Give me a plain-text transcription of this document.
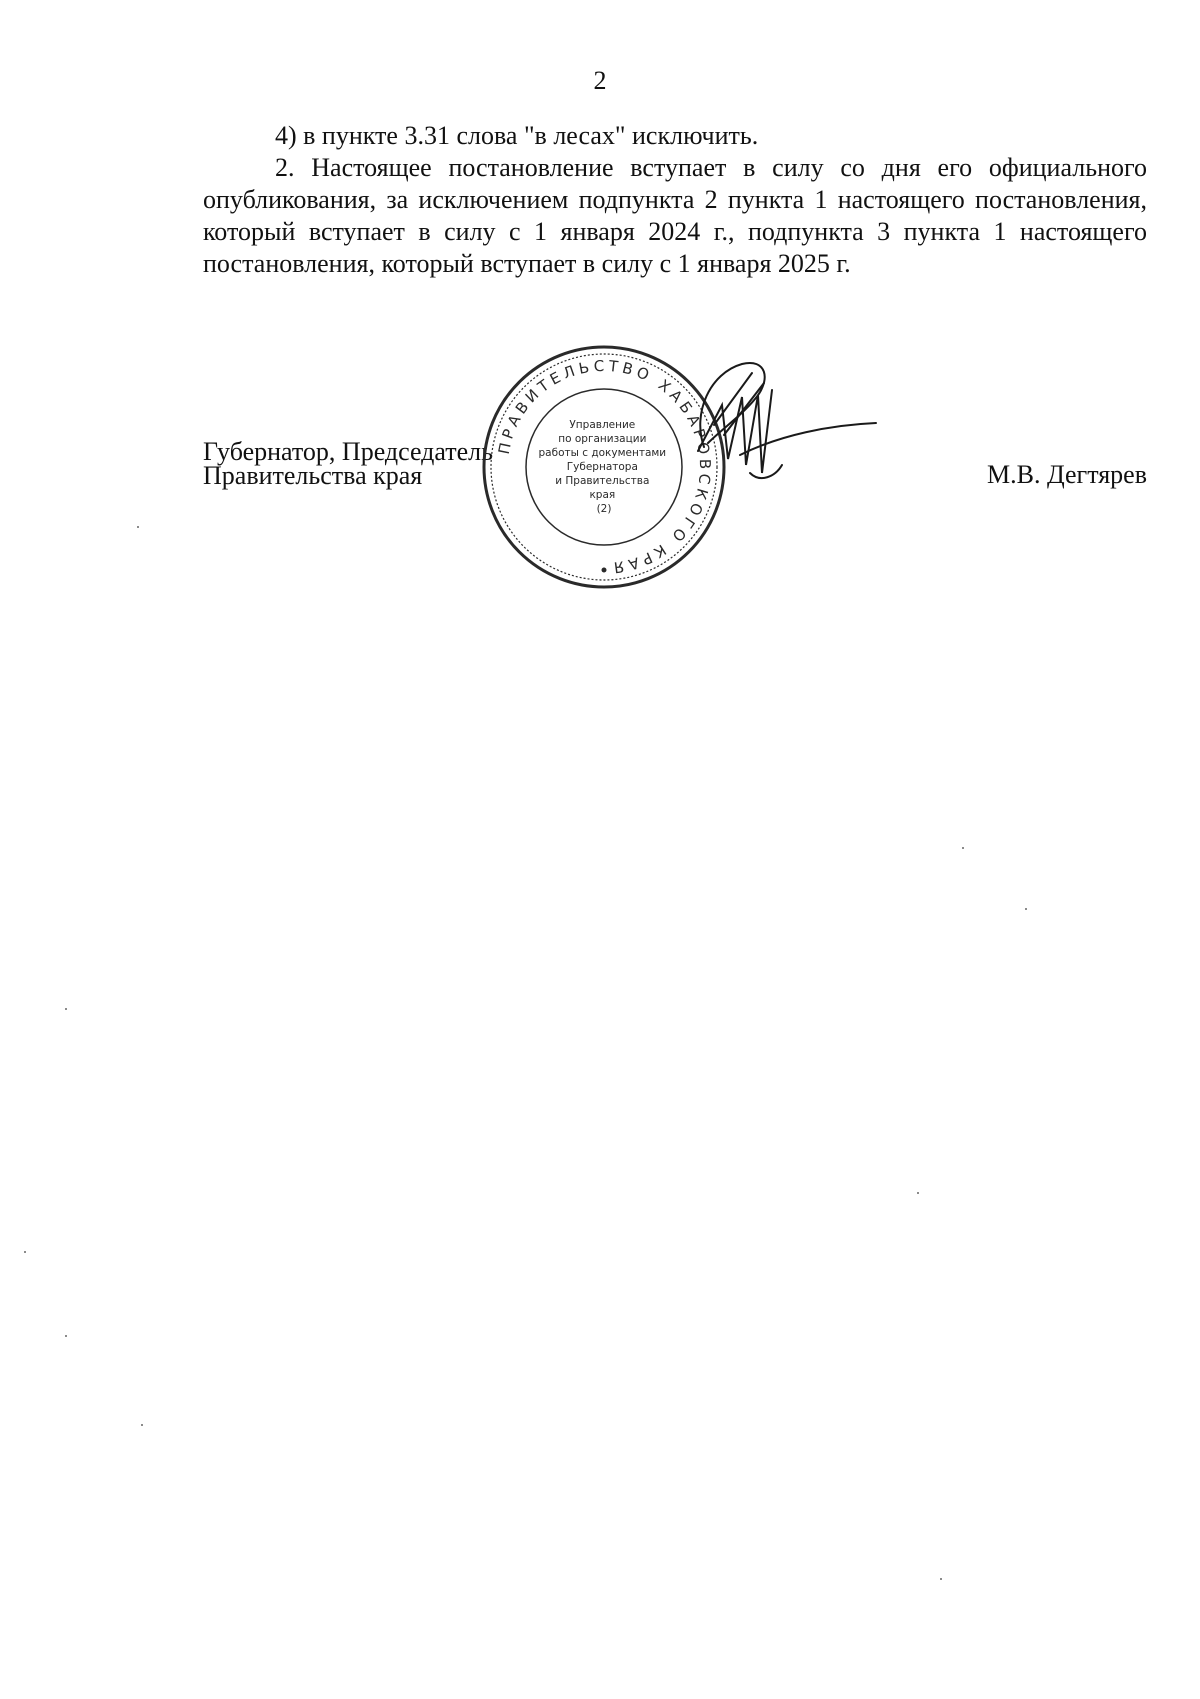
2

4) в пункте 3.31 слова "в лесах" исключить.

2. Настоящее постановление вступает в силу со дня его официального опубликования, за исключением подпункта 2 пункта 1 настоящего постановления, который вступает в силу с 1 января 2024 г., подпункта 3 пункта 1 настоящего постановления, который вступает в силу с 1 января 2025 г.

Губернатор, Председатель
Правительства края
ПРАВИТЕЛЬСТВО ХАБАРОВСКОГО КРАЯ
Управление по организации работы с документами Губернатора и Правительства края (2)
М.В. Дегтярев
